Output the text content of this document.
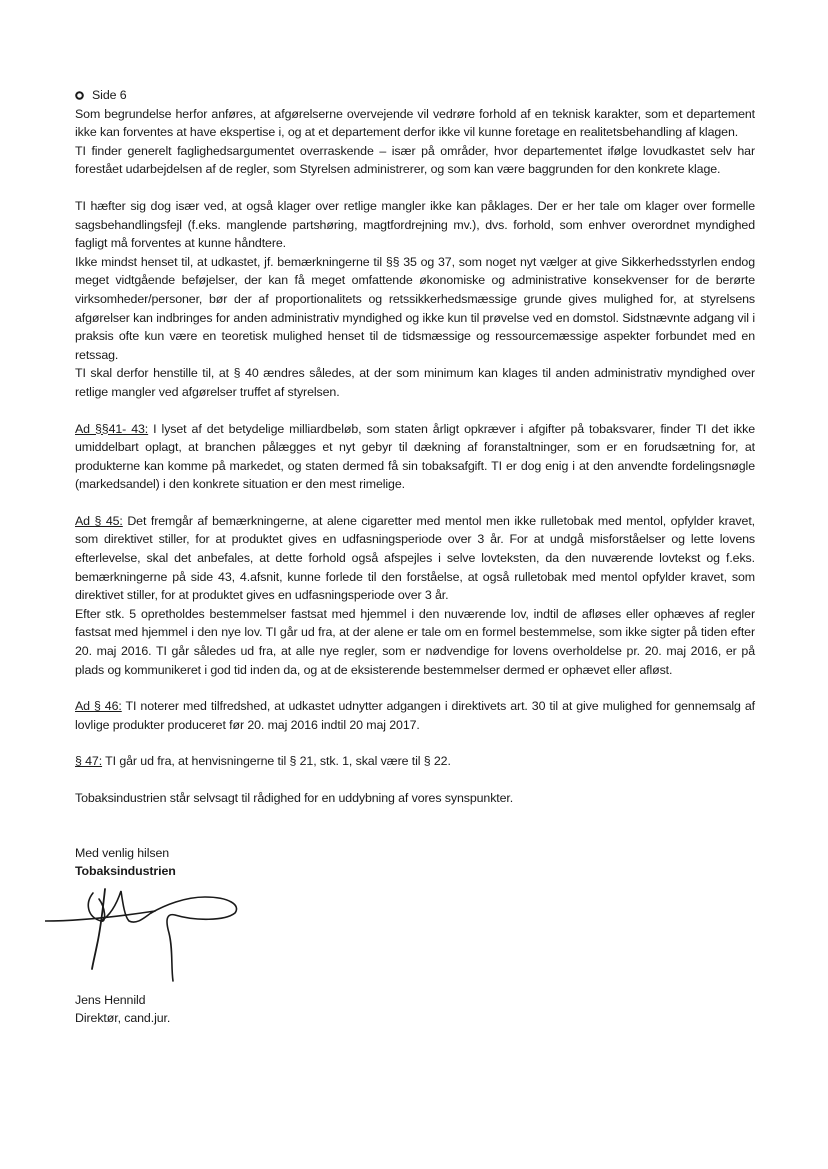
Side 6

Som begrundelse herfor anføres, at afgørelserne overvejende vil vedrøre forhold af en teknisk karakter, som et departement ikke kan forventes at have ekspertise i, og at et departement derfor ikke vil kunne foretage en realitetsbehandling af klagen.

TI finder generelt faglighedsargumentet overraskende – især på områder, hvor departementet ifølge lovudkastet selv har forestået udarbejdelsen af de regler, som Styrelsen administrerer, og som kan være baggrunden for den konkrete klage.

TI hæfter sig dog især ved, at også klager over retlige mangler ikke kan påklages. Der er her tale om klager over formelle sagsbehandlingsfejl (f.eks. manglende partshøring, magtfordrejning mv.), dvs. forhold, som enhver overordnet myndighed fagligt må forventes at kunne håndtere.

Ikke mindst henset til, at udkastet, jf. bemærkningerne til §§ 35 og 37, som noget nyt vælger at give Sikkerhedsstyrlen endog meget vidtgående beføjelser, der kan få meget omfattende økonomiske og administrative konsekvenser for de berørte virksomheder/personer, bør der af proportionalitets og retssikkerhedsmæssige grunde gives mulighed for, at styrelsens afgørelser kan indbringes for anden administrativ myndighed og ikke kun til prøvelse ved en domstol. Sidstnævnte adgang vil i praksis ofte kun være en teoretisk mulighed henset til de tidsmæssige og ressourcemæssige aspekter forbundet med en retssag.

TI skal derfor henstille til, at § 40 ændres således, at der som minimum kan klages til anden administrativ myndighed over retlige mangler ved afgørelser truffet af styrelsen.

Ad §§41- 43: I lyset af det betydelige milliardbeløb, som staten årligt opkræver i afgifter på tobaksvarer, finder TI det ikke umiddelbart oplagt, at branchen pålægges et nyt gebyr til dækning af foranstaltninger, som er en forudsætning for, at produkterne kan komme på markedet, og staten dermed få sin tobaksafgift. TI er dog enig i at den anvendte fordelingsnøgle (markedsandel) i den konkrete situation er den mest rimelige.

Ad § 45: Det fremgår af bemærkningerne, at alene cigaretter med mentol men ikke rulletobak med mentol, opfylder kravet, som direktivet stiller, for at produktet gives en udfasningsperiode over 3 år. For at undgå misforståelser og lette lovens efterlevelse, skal det anbefales, at dette forhold også afspejles i selve lovteksten, da den nuværende lovtekst og f.eks. bemærkningerne på side 43, 4.afsnit, kunne forlede til den forståelse, at også rulletobak med mentol opfylder kravet, som direktivet stiller, for at produktet gives en udfasningsperiode over 3 år.

Efter stk. 5 opretholdes bestemmelser fastsat med hjemmel i den nuværende lov, indtil de afløses eller ophæves af regler fastsat med hjemmel i den nye lov. TI går ud fra, at der alene er tale om en formel bestemmelse, som ikke sigter på tiden efter 20. maj 2016. TI går således ud fra, at alle nye regler, som er nødvendige for lovens overholdelse pr. 20. maj 2016, er på plads og kommunikeret i god tid inden da, og at de eksisterende bestemmelser dermed er ophævet eller afløst.

Ad § 46: TI noterer med tilfredshed, at udkastet udnytter adgangen i direktivets art. 30 til at give mulighed for gennemsalg af lovlige produkter produceret før 20. maj 2016 indtil 20 maj 2017.

§ 47: TI går ud fra, at henvisningerne til § 21, stk. 1, skal være til § 22.

Tobaksindustrien står selvsagt til rådighed for en uddybning af vores synspunkter.

Med venlig hilsen
Tobaksindustrien
Jens Hennild
Direktør, cand.jur.
